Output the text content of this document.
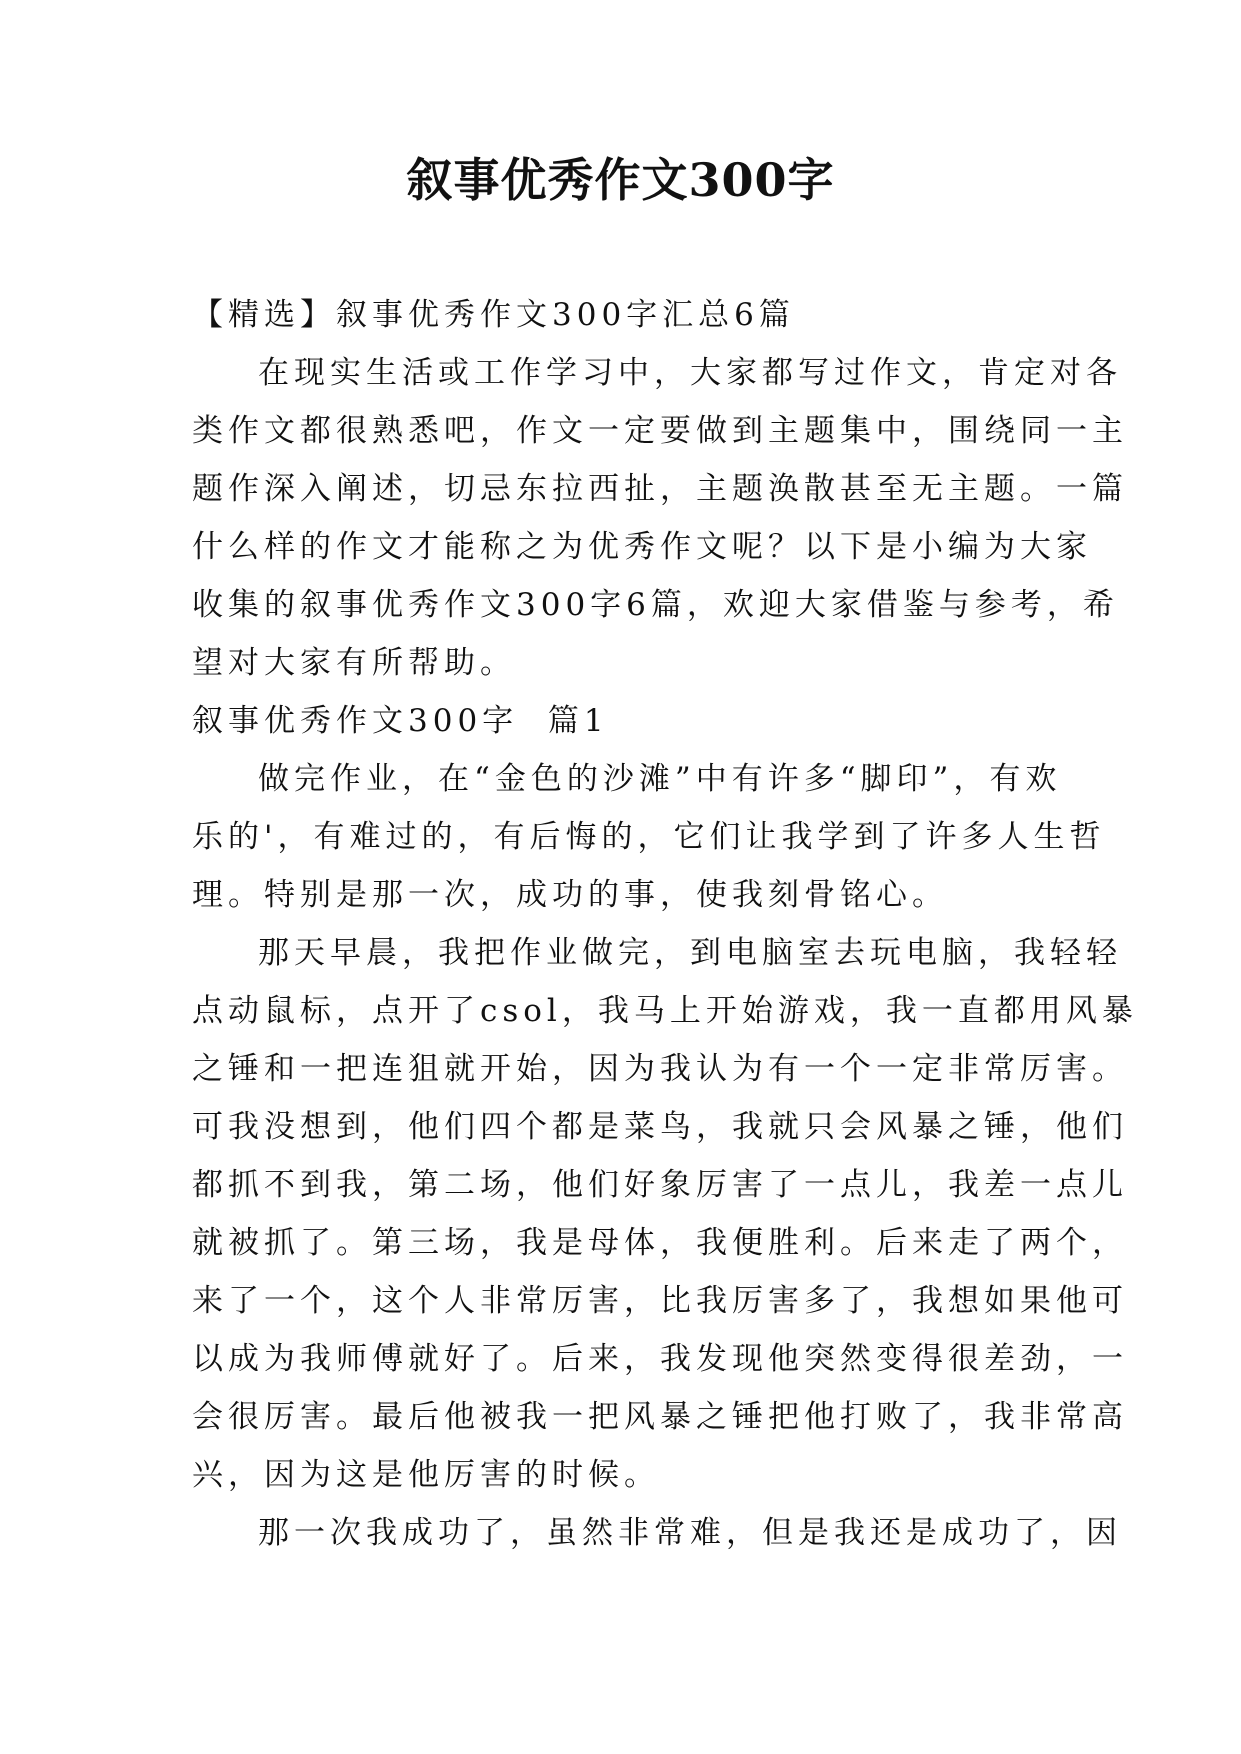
叙事优秀作文300字
【精选】叙事优秀作文300字汇总6篇
在现实生活或工作学习中，大家都写过作文，肯定对各
类作文都很熟悉吧，作文一定要做到主题集中，围绕同一主
题作深入阐述，切忌东拉西扯，主题涣散甚至无主题。一篇
什么样的作文才能称之为优秀作文呢？以下是小编为大家
收集的叙事优秀作文300字6篇，欢迎大家借鉴与参考，希
望对大家有所帮助。
叙事优秀作文300字  篇1
做完作业，在“金色的沙滩”中有许多“脚印”，有欢
乐的'，有难过的，有后悔的，它们让我学到了许多人生哲
理。特别是那一次，成功的事，使我刻骨铭心。
那天早晨，我把作业做完，到电脑室去玩电脑，我轻轻
点动鼠标，点开了csol，我马上开始游戏，我一直都用风暴
之锤和一把连狙就开始，因为我认为有一个一定非常厉害。
可我没想到，他们四个都是菜鸟，我就只会风暴之锤，他们
都抓不到我，第二场，他们好象厉害了一点儿，我差一点儿
就被抓了。第三场，我是母体，我便胜利。后来走了两个，
来了一个，这个人非常厉害，比我厉害多了，我想如果他可
以成为我师傅就好了。后来，我发现他突然变得很差劲，一
会很厉害。最后他被我一把风暴之锤把他打败了，我非常高
兴，因为这是他厉害的时候。
那一次我成功了，虽然非常难，但是我还是成功了，因
